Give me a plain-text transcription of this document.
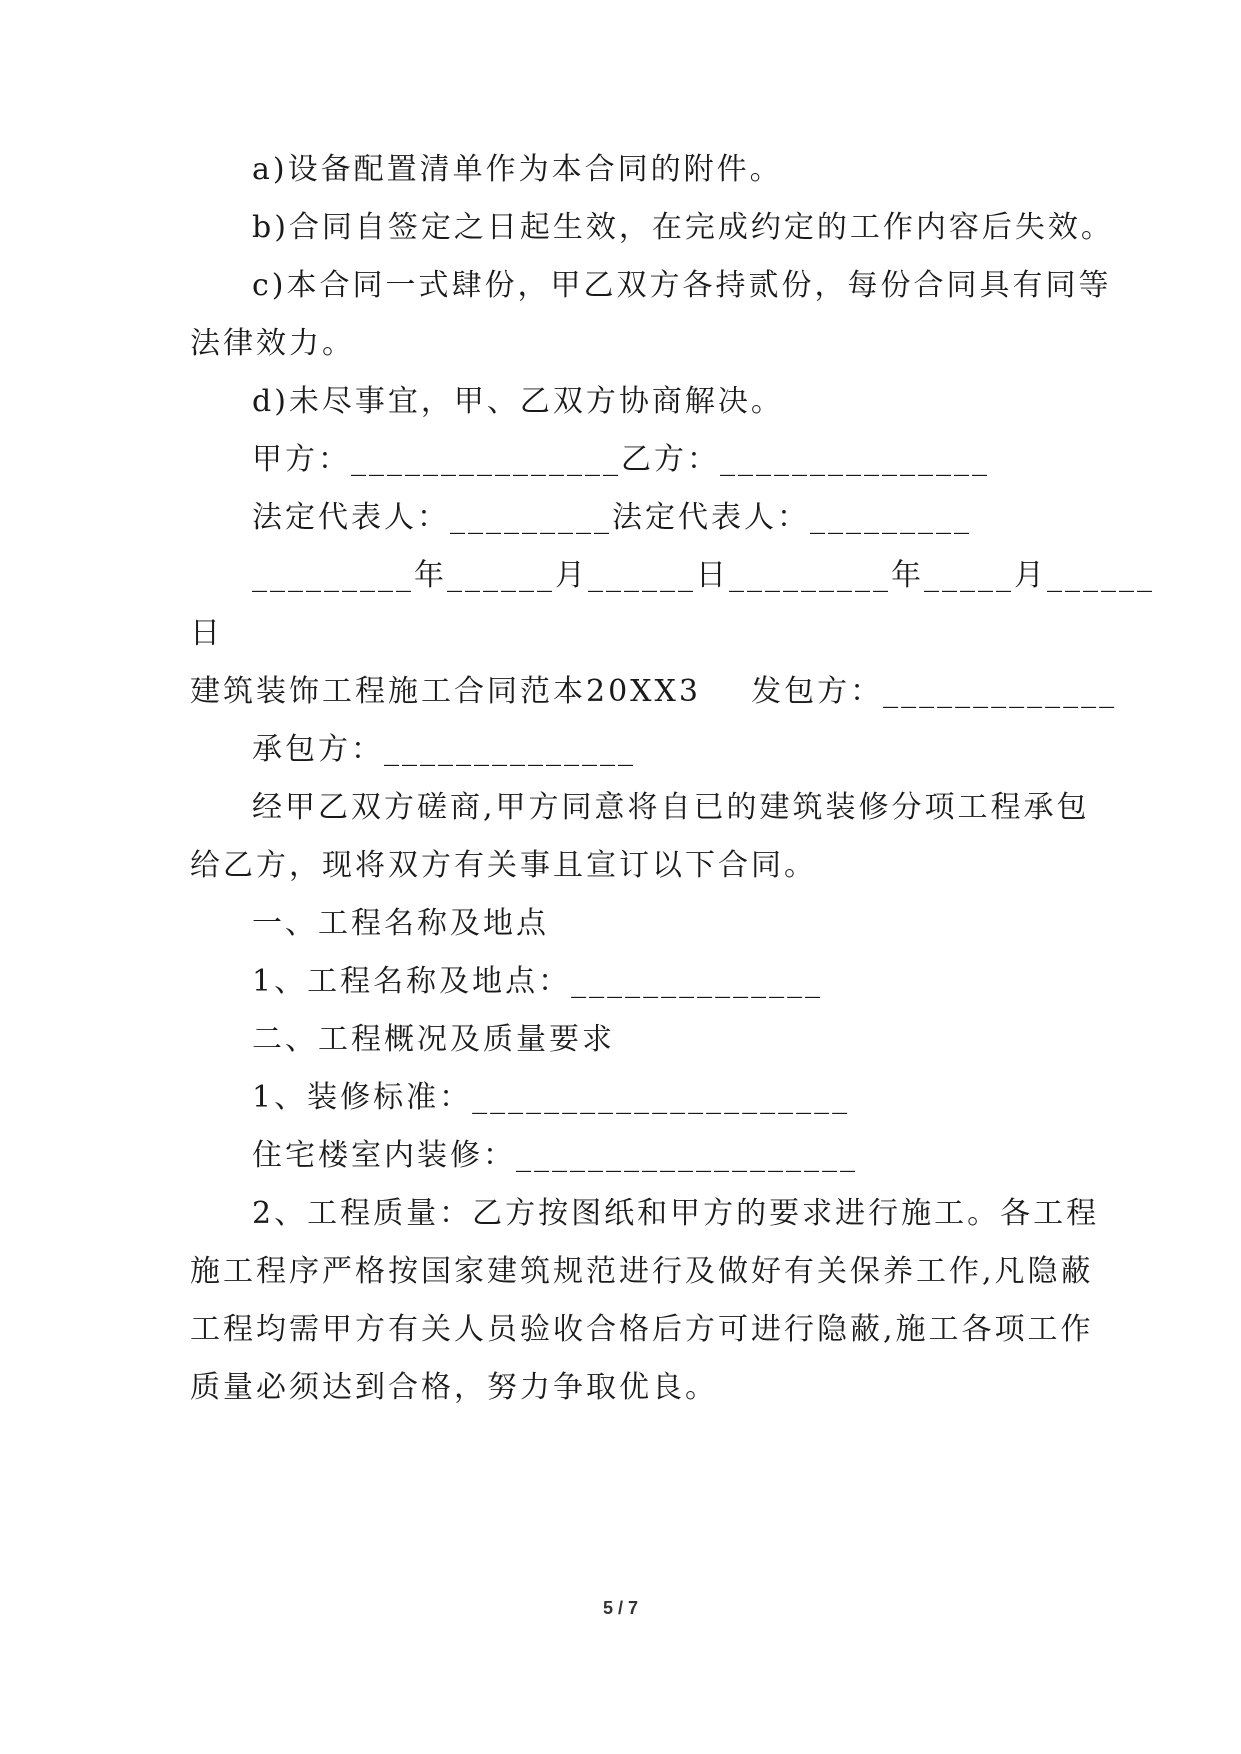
a)设备配置清单作为本合同的附件。
b)合同自签定之日起生效，在完成约定的工作内容后失效。
c)本合同一式肆份，甲乙双方各持贰份，每份合同具有同等
法律效力。
d)未尽事宜，甲、乙双方协商解决。
甲方：_______________乙方：_______________
法定代表人：_________法定代表人：_________
_________年______月______日_________年_____月______
日
建筑装饰工程施工合同范本20XX3    发包方：_____________
承包方：______________
经甲乙双方磋商,甲方同意将自已的建筑装修分项工程承包
给乙方，现将双方有关事且宣订以下合同。
一、工程名称及地点
1、工程名称及地点：______________
二、工程概况及质量要求
1、装修标准：_____________________
住宅楼室内装修：___________________
2、工程质量：乙方按图纸和甲方的要求进行施工。各工程
施工程序严格按国家建筑规范进行及做好有关保养工作,凡隐蔽
工程均需甲方有关人员验收合格后方可进行隐蔽,施工各项工作
质量必须达到合格，努力争取优良。
5 / 7
